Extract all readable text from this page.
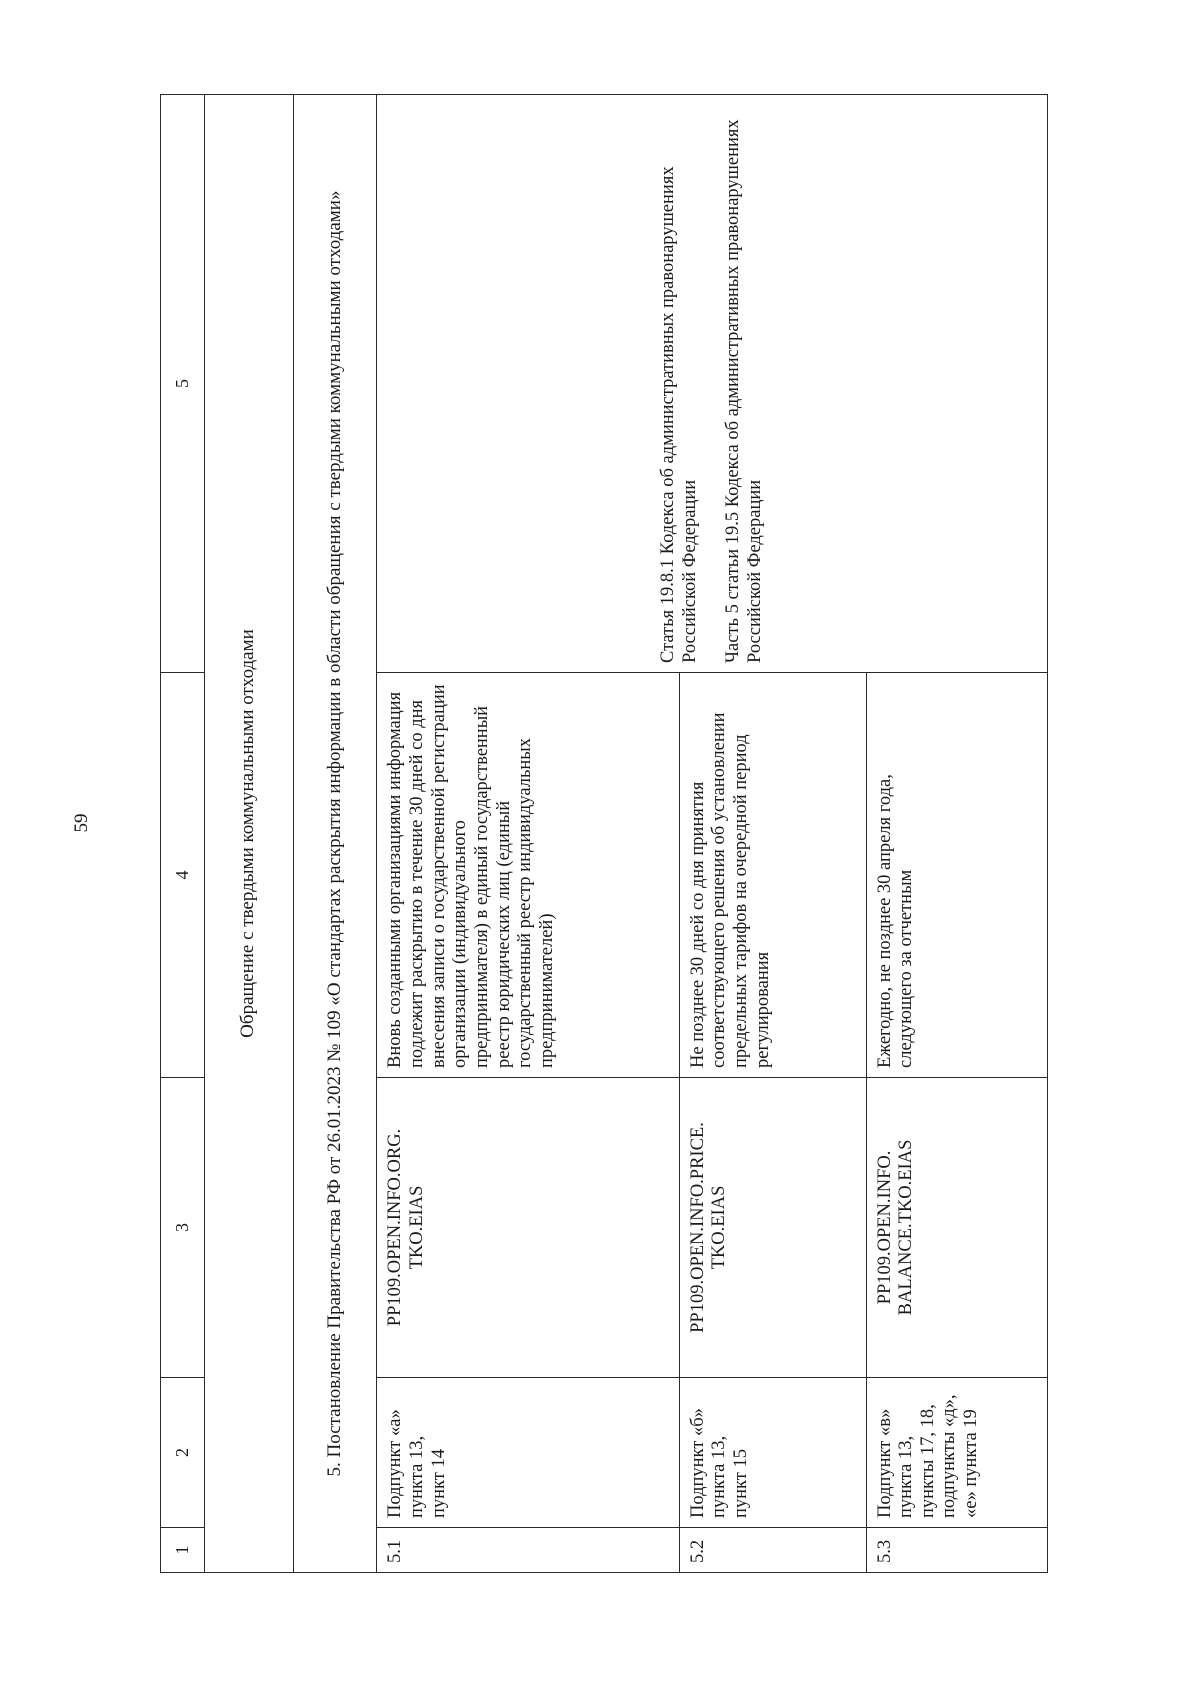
59
1	2	3	4	5
Обращение с твердыми коммунальными отходами				
5. Постановление Правительства РФ от 26.01.2023 № 109 «О стандартах раскрытия информации в области обращения с твердыми коммунальными отходами»				
5.1	Подпункт «а» пункта 13, пункт 14	PP109.OPEN.INFO.ORG. TKO.EIAS	Вновь созданными организациями информация подлежит раскрытию в течение 30 дней со дня внесения записи о государственной регистрации организации (индивидуального предпринимателя) в единый государственный реестр юридических лиц (единый государственный реестр индивидуальных предпринимателей)	Статья 19.8.1 Кодекса об административных правонарушениях Российской Федерации Часть 5 статьи 19.5 Кодекса об административных правонарушениях Российской Федерации

5.2	Подпункт «б» пункта 13, пункт 15	PP109.OPEN.INFO.PRICE. TKO.EIAS	Не позднее 30 дней со дня принятия соответствующего решения об установлении предельных тарифов на очередной период регулирования	
5.3	Подпункт «в» пункта 13, пункты 17, 18, подпункты «д», «е» пункта 19	PP109.OPEN.INFO. BALANCE.TKO.EIAS	Ежегодно, не позднее 30 апреля года, следующего за отчетным	
